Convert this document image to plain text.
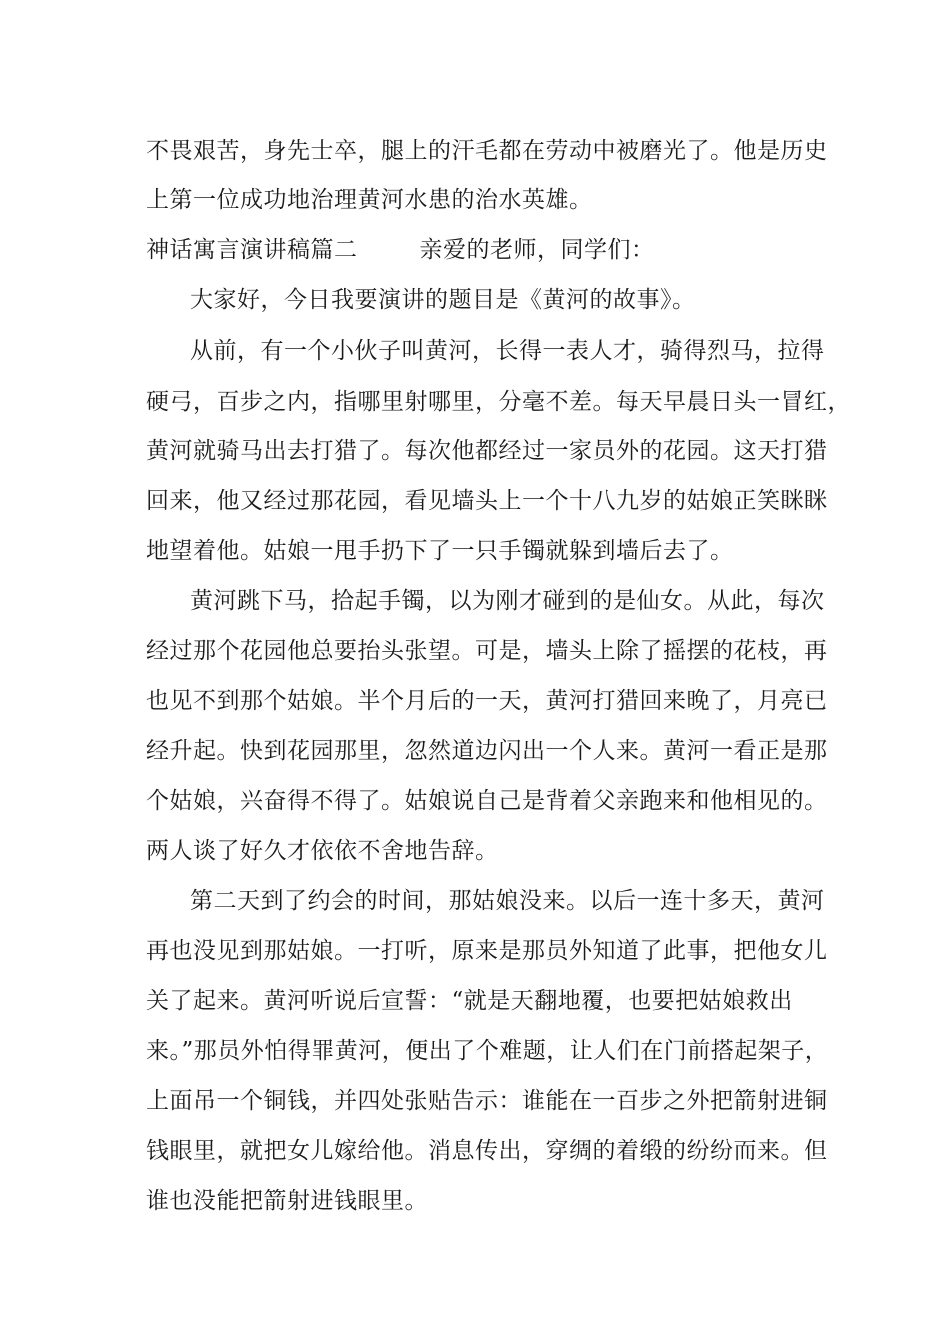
不畏艰苦，身先士卒，腿上的汗毛都在劳动中被磨光了。他是历史
上第一位成功地治理黄河水患的治水英雄。
神话寓言演讲稿篇二	亲爱的老师，同学们：
大家好，今日我要演讲的题目是《黄河的故事》。
从前，有一个小伙子叫黄河，长得一表人才，骑得烈马，拉得
硬弓，百步之内，指哪里射哪里，分毫不差。每天早晨日头一冒红，
黄河就骑马出去打猎了。每次他都经过一家员外的花园。这天打猎
回来，他又经过那花园，看见墙头上一个十八九岁的姑娘正笑眯眯
地望着他。姑娘一甩手扔下了一只手镯就躲到墙后去了。
黄河跳下马，拾起手镯，以为刚才碰到的是仙女。从此，每次
经过那个花园他总要抬头张望。可是，墙头上除了摇摆的花枝，再
也见不到那个姑娘。半个月后的一天，黄河打猎回来晚了，月亮已
经升起。快到花园那里，忽然道边闪出一个人来。黄河一看正是那
个姑娘，兴奋得不得了。姑娘说自己是背着父亲跑来和他相见的。
两人谈了好久才依依不舍地告辞。
第二天到了约会的时间，那姑娘没来。以后一连十多天，黄河
再也没见到那姑娘。一打听，原来是那员外知道了此事，把他女儿
关了起来。黄河听说后宣誓：“就是天翻地覆，也要把姑娘救出
来。”那员外怕得罪黄河，便出了个难题，让人们在门前搭起架子，
上面吊一个铜钱，并四处张贴告示：谁能在一百步之外把箭射进铜
钱眼里，就把女儿嫁给他。消息传出，穿绸的着缎的纷纷而来。但
谁也没能把箭射进钱眼里。
